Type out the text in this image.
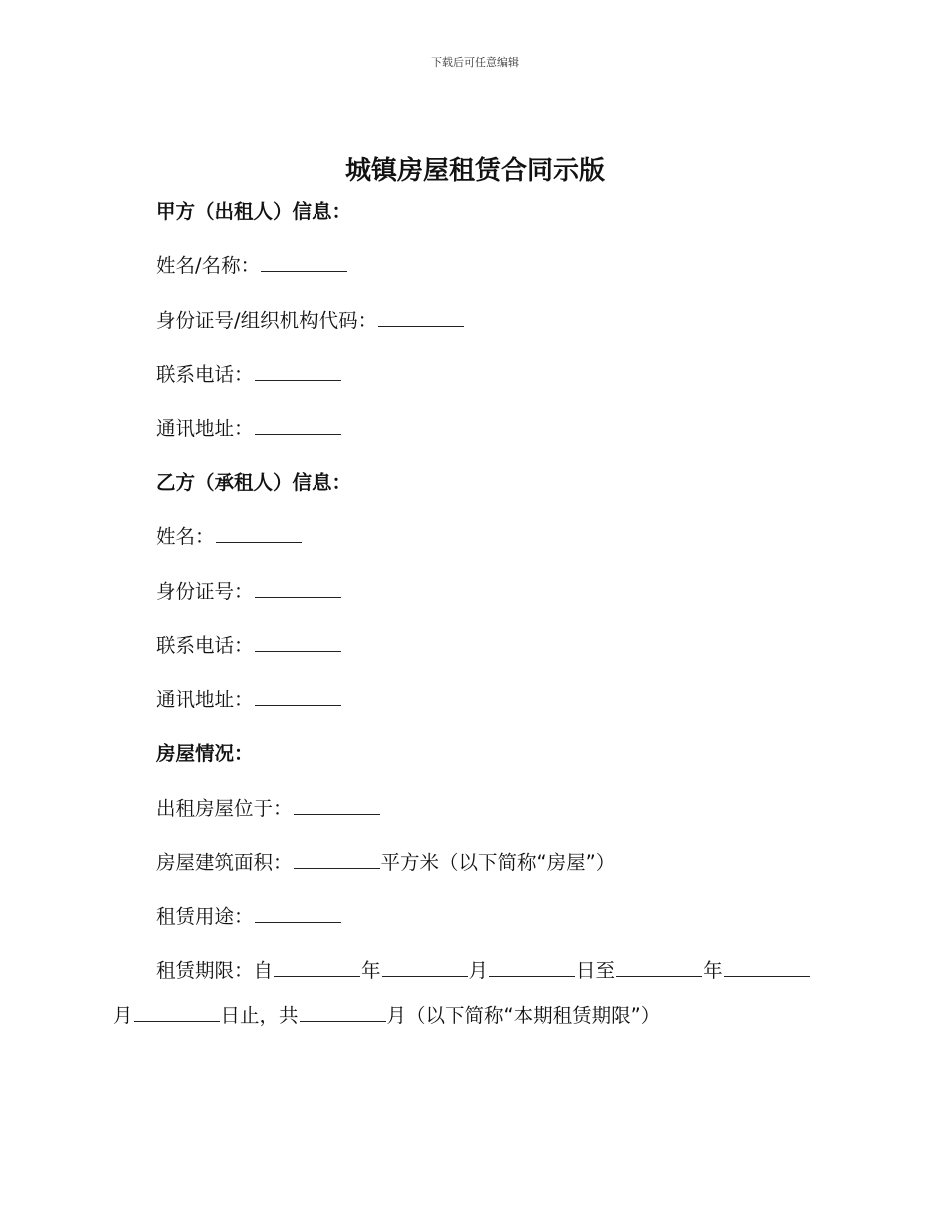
下载后可任意编辑
城镇房屋租赁合同示版
甲方（出租人）信息：
姓名/名称：
身份证号/组织机构代码：
联系电话：
通讯地址：
乙方（承租人）信息：
姓名：
身份证号：
联系电话：
通讯地址：
房屋情况：
出租房屋位于：
房屋建筑面积：	平方米（以下简称“房屋”）
租赁用途：
租赁期限：自	年	月	日至	年
月	日止，共	月（以下简称“本期租赁期限”）
